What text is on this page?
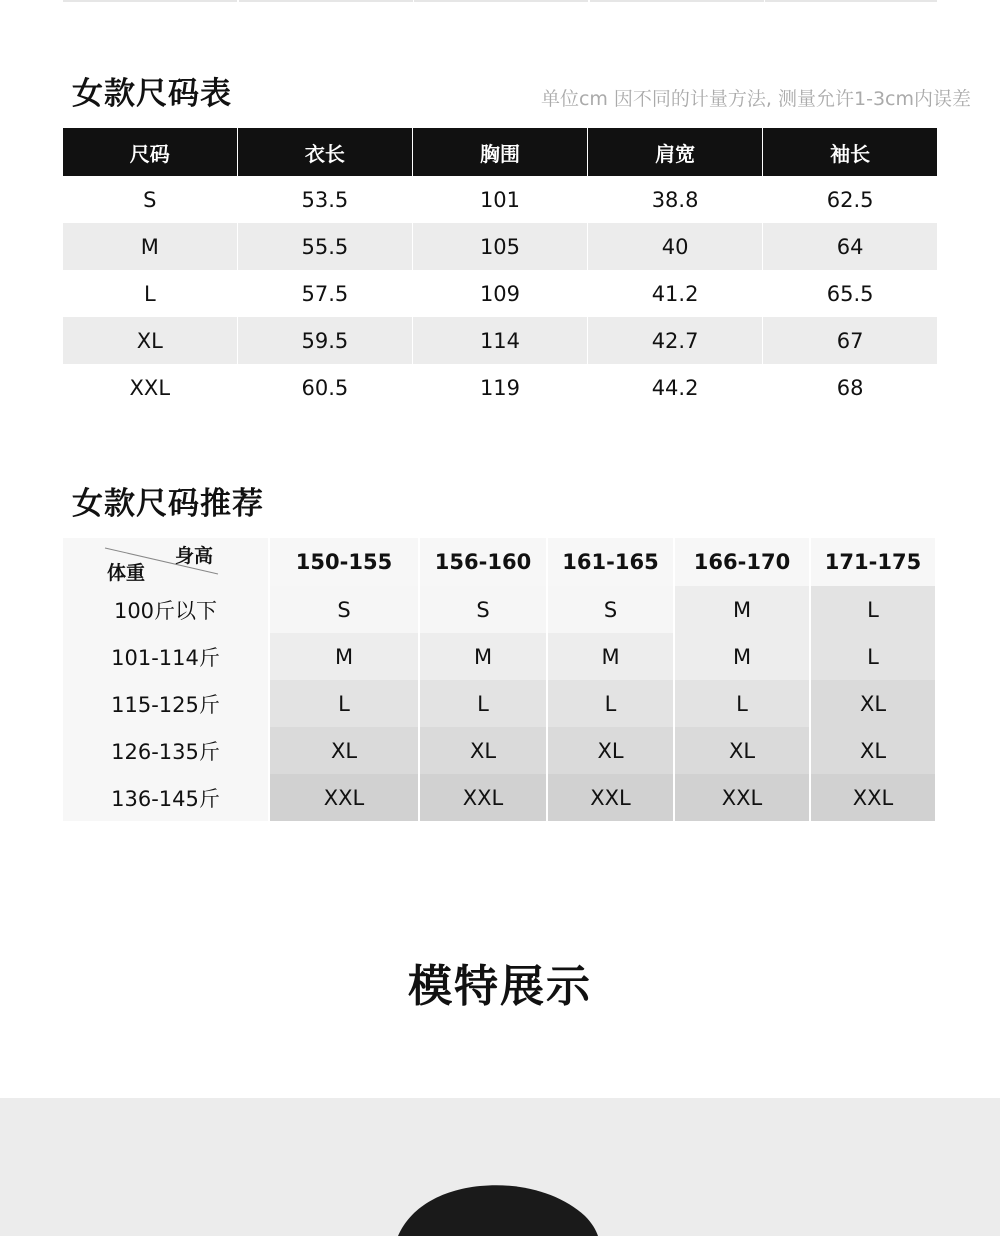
女款尺码表	单位cm 因不同的计量方法, 测量允许1-3cm内误差
尺码	衣长	胸围	肩宽	袖长
S	53.5	101	38.8	62.5
M	55.5	105	40	64
L	57.5	109	41.2	65.5
XL	59.5	114	42.7	67
XXL	60.5	119	44.2	68
女款尺码推荐
身高
体重	150-155	156-160	161-165	166-170	171-175
100斤以下	S	S	S	M	L
101-114斤	M	M	M	M	L
115-125斤	L	L	L	L	XL
126-135斤	XL	XL	XL	XL	XL
136-145斤	XXL	XXL	XXL	XXL	XXL
模特展示
